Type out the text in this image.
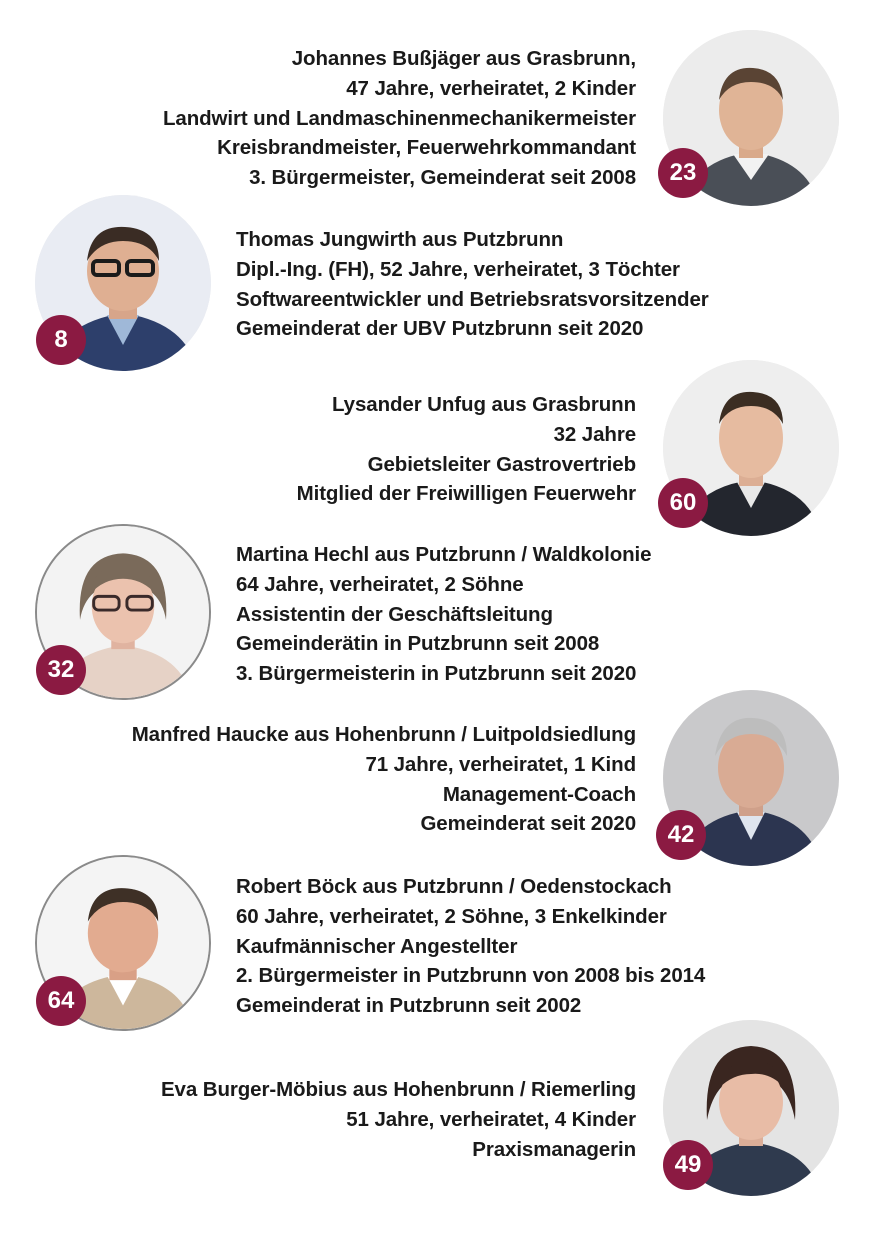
Johannes Bußjäger aus Grasbrunn,
47 Jahre, verheiratet, 2 Kinder
Landwirt und Landmaschinenmechanikermeister
Kreisbrandmeister, Feuerwehrkommandant
3. Bürgermeister, Gemeinderat seit 2008	23
Thomas Jungwirth aus Putzbrunn
Dipl.-Ing. (FH), 52 Jahre, verheiratet, 3 Töchter
Softwareentwickler und Betriebsratsvorsitzender
Gemeinderat der UBV Putzbrunn seit 2020
8
Lysander Unfug aus Grasbrunn
32 Jahre
Gebietsleiter Gastrovertrieb
Mitglied der Freiwilligen Feuerwehr	60
Martina Hechl aus Putzbrunn / Waldkolonie
64 Jahre, verheiratet, 2 Söhne
Assistentin der Geschäftsleitung
Gemeinderätin in Putzbrunn seit 2008
3. Bürgermeisterin in Putzbrunn seit 2020
32
Manfred Haucke aus Hohenbrunn / Luitpoldsiedlung
71 Jahre, verheiratet, 1 Kind
Management-Coach
Gemeinderat seit 2020	42
Robert Böck aus Putzbrunn / Oedenstockach
60 Jahre, verheiratet, 2 Söhne, 3 Enkelkinder
Kaufmännischer Angestellter
2. Bürgermeister in Putzbrunn von 2008 bis 2014
Gemeinderat in Putzbrunn seit 2002
64
Eva Burger-Möbius aus Hohenbrunn / Riemerling
51 Jahre, verheiratet, 4 Kinder
Praxismanagerin
49
